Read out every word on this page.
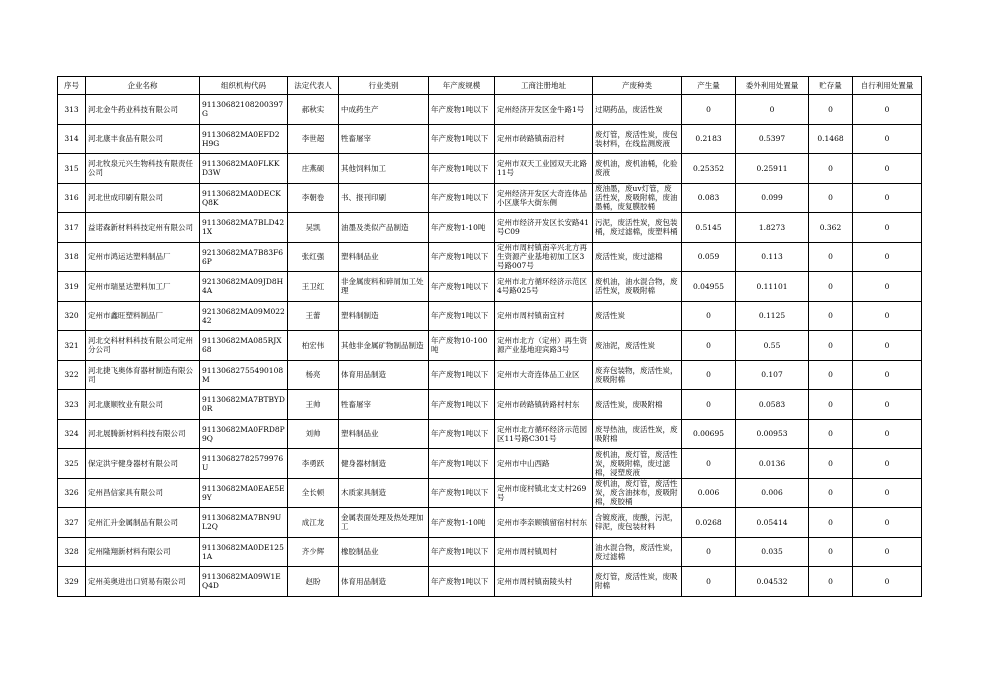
序号	企业名称	组织机构代码	法定代表人	行业类别	年产废规模	工商注册地址	产废种类	产生量	委外利用处置量	贮存量	自行利用处置量
313	河北金牛药业科技有限公司	91130682108200397G	郝秋实	中成药生产	年产废物1吨以下	定州经济开发区金牛路1号	过期药品，废活性炭	0	0	0	0
314	河北康丰食品有限公司	91130682MA0EFD2H9G	李世超	牲畜屠宰	年产废物1吨以下	定州市砖路镇南沿村	废灯管，废活性炭，废包装材料，在线监测废液	0.2183	0.5397	0.1468	0
315	河北牧泉元兴生物科技有限责任公司	91130682MA0FLKKD3W	庄燕硕	其他饲料加工	年产废物1吨以下	定州市双天工业园双天北路11号	废机油，废机油桶，化验废液	0.25352	0.25911	0	0
316	河北世成印刷有限公司	91130682MA0DECKQ8K	李朝卷	书、报刊印刷	年产废物1吨以下	定州经济开发区大奇连体品小区康华大街东侧	废油墨，废uv灯管，废活性炭，废吸附棉，废油墨桶，废复膜胶桶	0.083	0.099	0	0
317	益诺森新材料科技定州有限公司	91130682MA7BLD421X	吴凯	油墨及类似产品制造	年产废物1-10吨	定州市经济开发区长安路41号C09	污泥，废活性炭，废包装桶，废过滤棉，废塑料桶	0.5145	1.8273	0.362	0
318	定州市鸿运达塑料制品厂	92130682MA7B83F66P	张红强	塑料制品业	年产废物1吨以下	定州市周村镇南辛兴北方再生资源产业基地初加工区3号路007号	废活性炭，废过滤棉	0.059	0.113	0	0
319	定州市瑞星达塑料加工厂	92130682MA09JD8H4A	王卫红	非金属废料和碎屑加工处理	年产废物1吨以下	定州市北方循环经济示范区4号路025号	废机油，油水混合物，废活性炭，废吸附棉	0.04955	0.11101	0	0
320	定州市鑫旺塑料制品厂	92130682MA09M02242	王蕾	塑料制制造	年产废物1吨以下	定州市周村镇南宜村	废活性炭	0	0.1125	0	0
321	河北交科材料科技有限公司定州分公司	91130682MA085RJX68	柏宏伟	其他非金属矿物制品制造	年产废物10-100吨	定州市北方（定州）再生资源产业基地迎宾路3号	废油泥，废活性炭	0	0.55	0	0
322	河北捷飞奥体育器材制造有限公司	91130682755490108M	杨亮	体育用品制造	年产废物1吨以下	定州市大奇连体品工业区	废弃包装物，废活性炭，废吸附棉	0	0.107	0	0
323	河北康顺牧业有限公司	91130682MA7BTBYD0R	王帅	牲畜屠宰	年产废物1吨以下	定州市砖路镇砖路村村东	废活性炭，废吸附棉	0	0.0583	0	0
324	河北展腾新材料科技有限公司	91130682MA0FRD8P9Q	刘帅	塑料制品业	年产废物1吨以下	定州市北方循环经济示范园区11号路C301号	废导热油，废活性炭，废吸附棉	0.00695	0.00953	0	0
325	保定洪宇健身器材有限公司	91130682782579976U	李勇跃	健身器材制造	年产废物1吨以下	定州市中山西路	废机油，废灯管，废活性炭，废吸附棉，废过滤棉，浸塑废液	0	0.0136	0	0
326	定州昌信家具有限公司	91130682MA0EAE5E9Y	全长顿	木质家具制造	年产废物1吨以下	定州市庞村镇北支丈村269号	废机油，废灯管，废活性炭，废含油抹布，废吸附棉，废胶桶	0.006	0.006	0	0
327	定州汇升金属制品有限公司	91130682MA7BN9UL2Q	成江龙	金属表面处理及热处理加工	年产废物1-10吨	定州市李亲顾镇留宿村村东	含镀废液，废酸，污泥，锌泥，废包装材料	0.0268	0.05414	0	0
328	定州隆翔新材料有限公司	91130682MA0DE1251A	齐少辉	橡胶制品业	年产废物1吨以下	定州市周村镇周村	油水混合物，废活性炭，废过滤棉	0	0.035	0	0
329	定州美奥进出口贸易有限公司	91130682MA09W1EQ4D	赵盼	体育用品制造	年产废物1吨以下	定州市周村镇南陵头村	废灯管，废活性炭，废吸附棉	0	0.04532	0	0
